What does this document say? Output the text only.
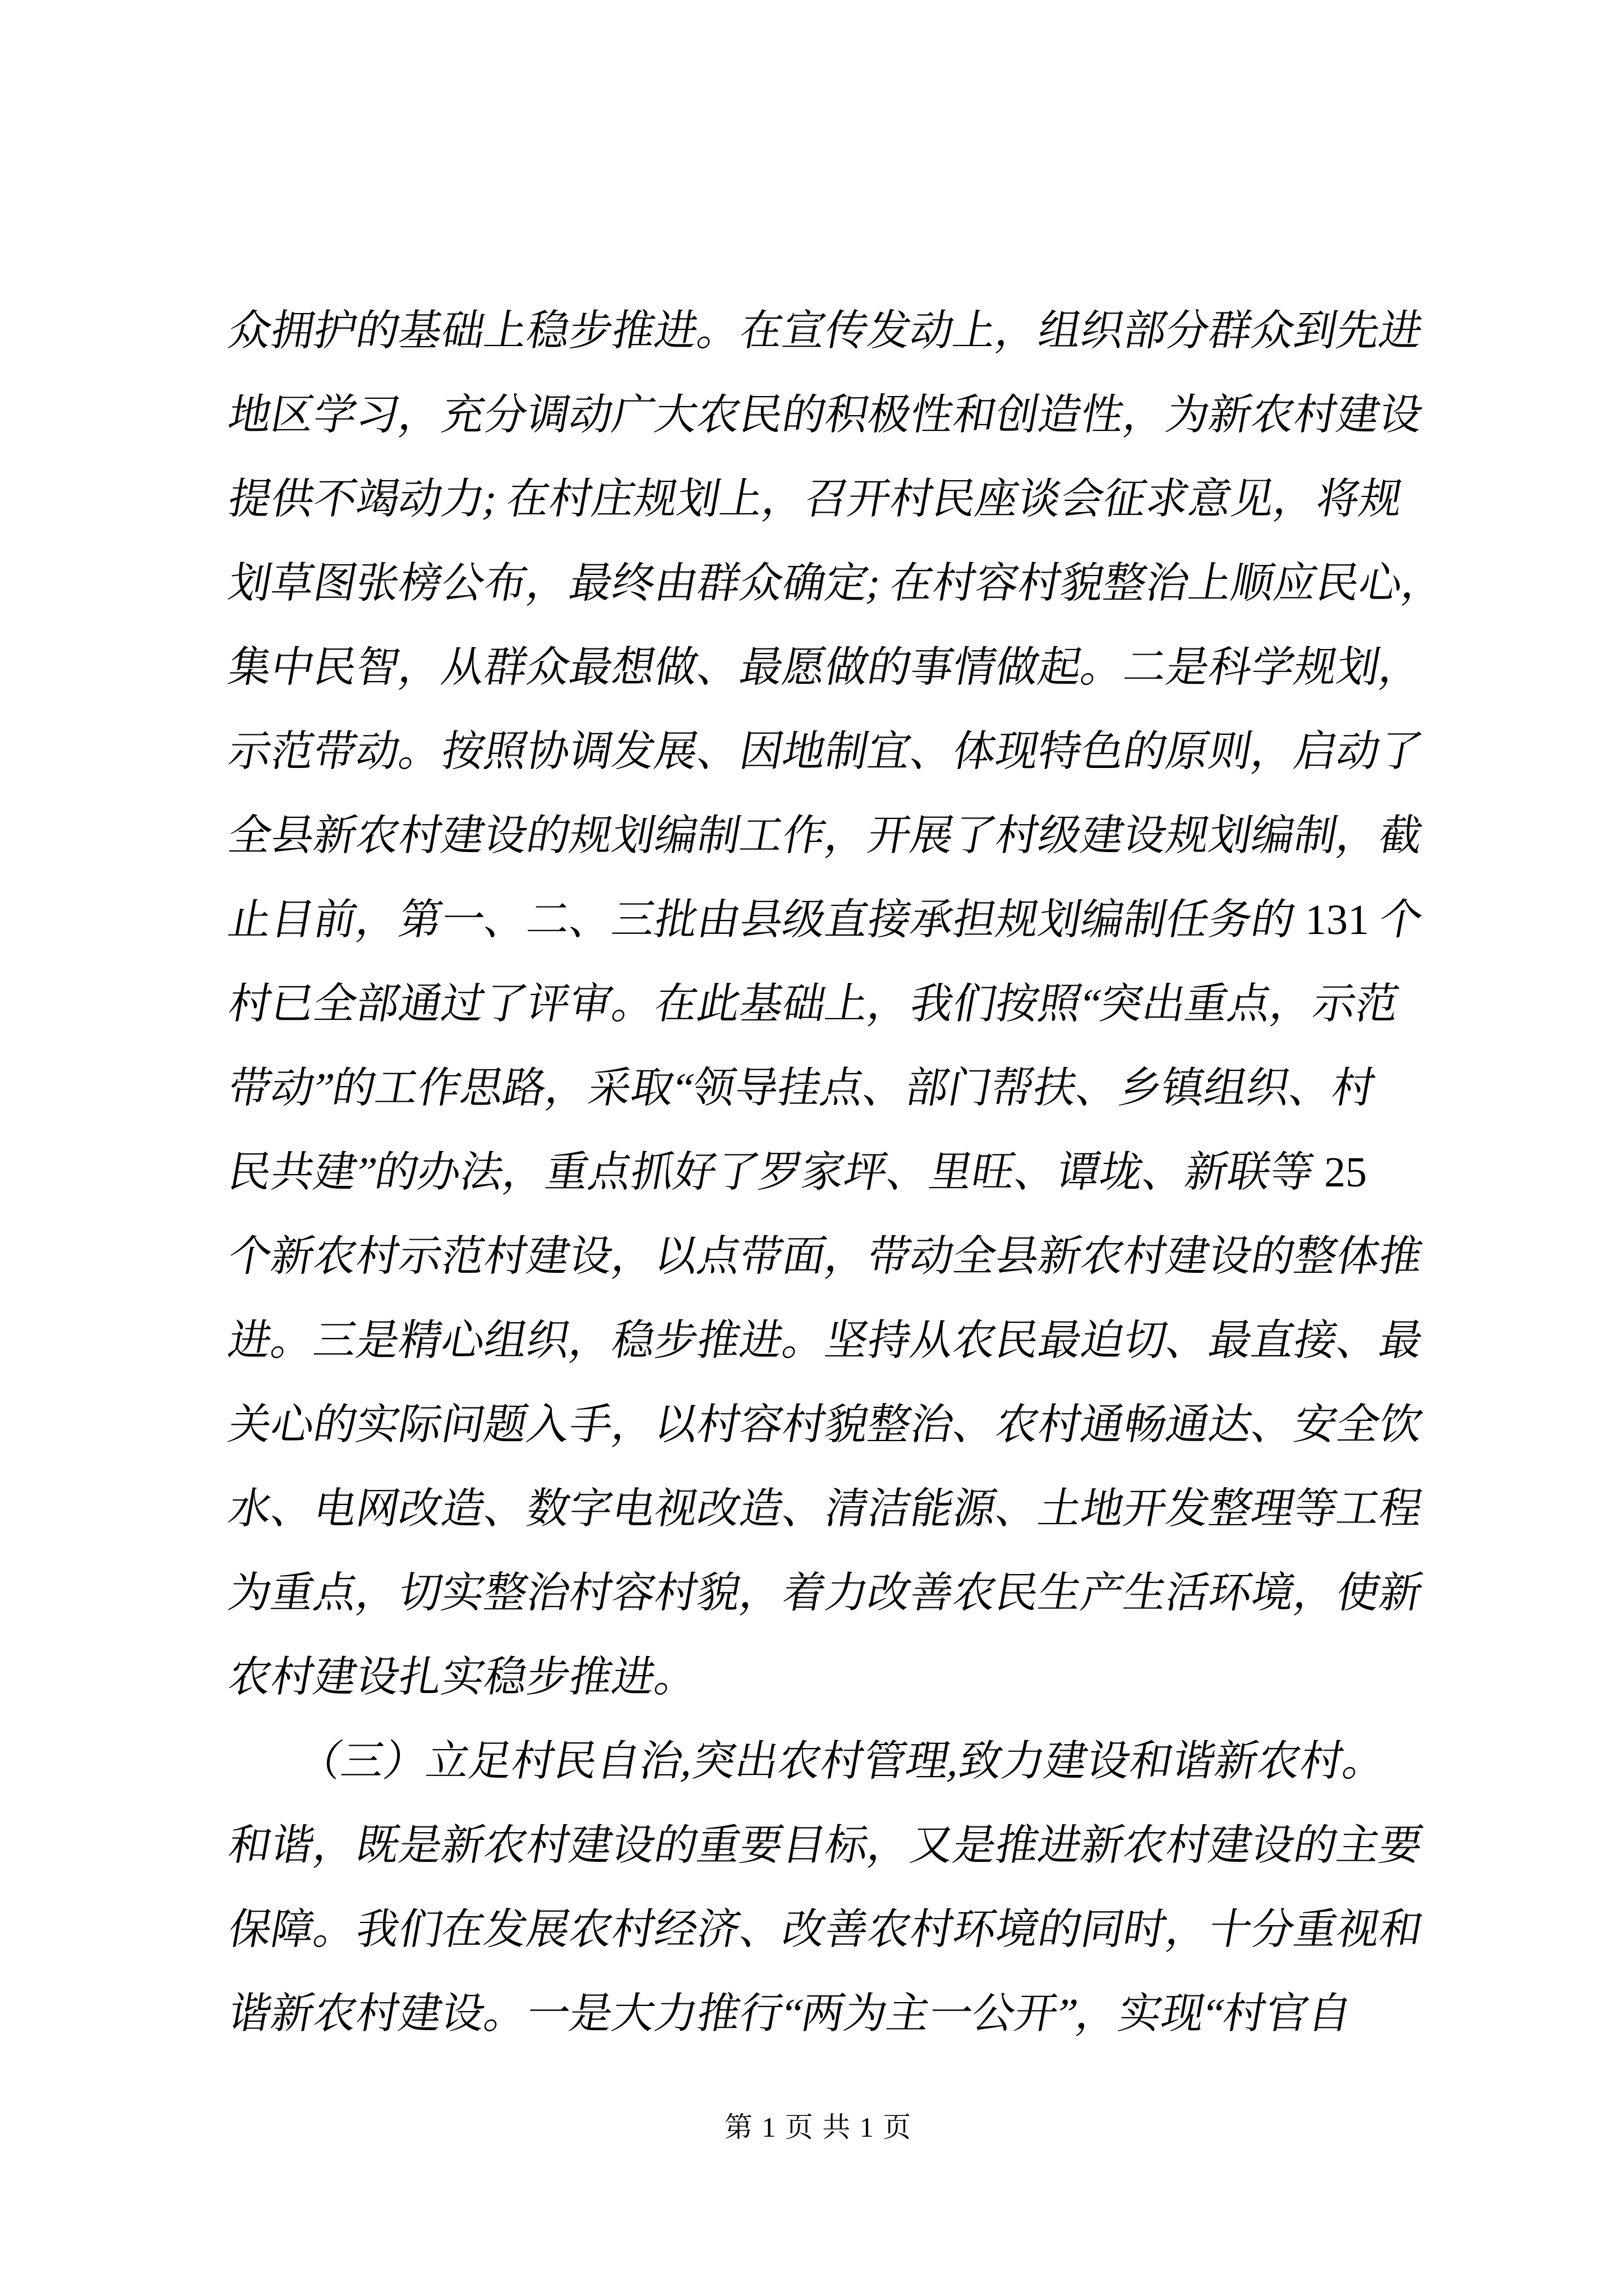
众拥护的基础上稳步推进。在宣传发动上，组织部分群众到先进
地区学习，充分调动广大农民的积极性和创造性，为新农村建设
提供不竭动力; 在村庄规划上，召开村民座谈会征求意见，将规
划草图张榜公布，最终由群众确定; 在村容村貌整治上顺应民心，
集中民智，从群众最想做、最愿做的事情做起。二是科学规划，
示范带动。按照协调发展、因地制宜、体现特色的原则，启动了
全县新农村建设的规划编制工作，开展了村级建设规划编制，截
止目前，第一、二、三批由县级直接承担规划编制任务的 131 个
村已全部通过了评审。在此基础上，我们按照“突出重点，示范
带动”的工作思路，采取“领导挂点、部门帮扶、乡镇组织、村
民共建”的办法，重点抓好了罗家坪、里旺、谭垅、新联等 25
个新农村示范村建设，以点带面，带动全县新农村建设的整体推
进。三是精心组织，稳步推进。坚持从农民最迫切、最直接、最
关心的实际问题入手，以村容村貌整治、农村通畅通达、安全饮
水、电网改造、数字电视改造、清洁能源、土地开发整理等工程
为重点，切实整治村容村貌，着力改善农民生产生活环境，使新
农村建设扎实稳步推进。
（三）立足村民自治,突出农村管理,致力建设和谐新农村。
和谐，既是新农村建设的重要目标，又是推进新农村建设的主要
保障。我们在发展农村经济、改善农村环境的同时，十分重视和
谐新农村建设。一是大力推行“两为主一公开”，实现“村官自
第 1 页 共 1 页
